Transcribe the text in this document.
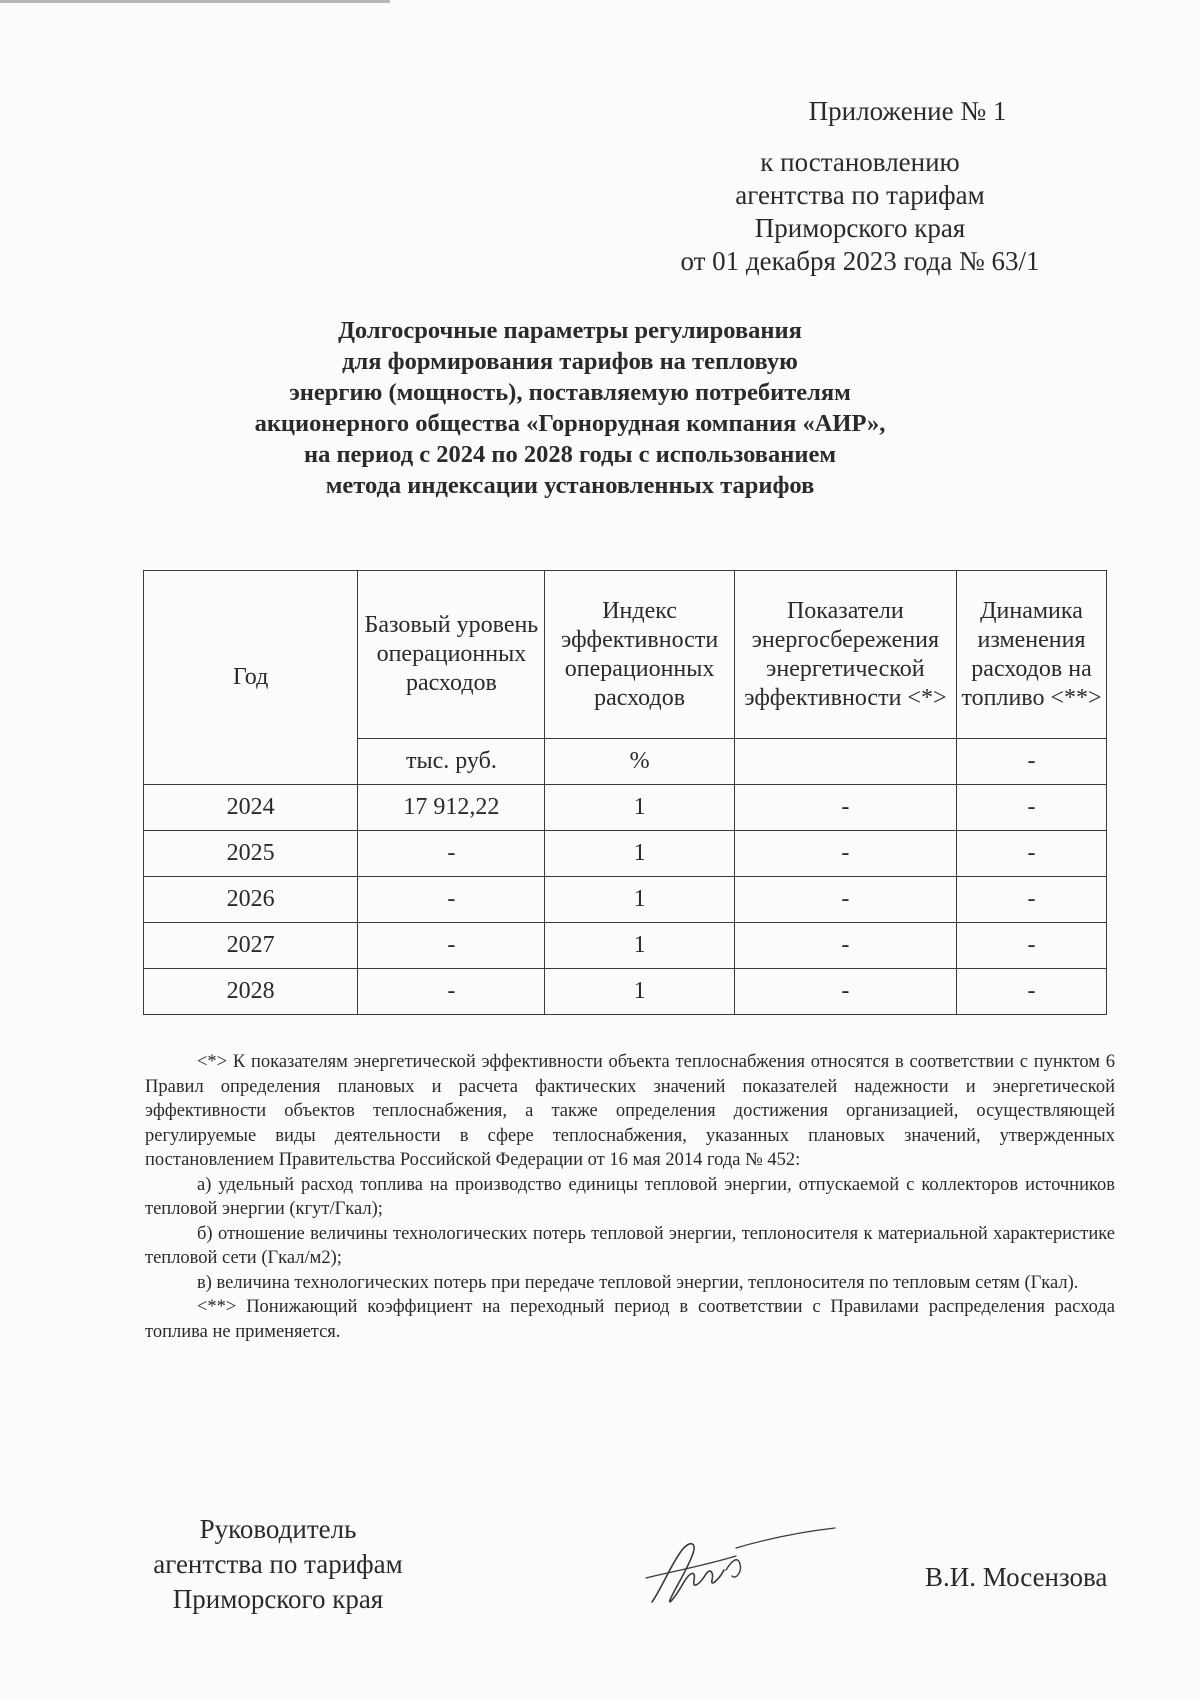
Приложение № 1
к постановлению
агентства по тарифам
Приморского края
от 01 декабря 2023 года № 63/1
Долгосрочные параметры регулирования
для формирования тарифов на тепловую
энергию (мощность), поставляемую потребителям
акционерного общества «Горнорудная компания «АИР»,
на период с 2024 по 2028 годы с использованием
метода индексации установленных тарифов
Год	Базовый уровень операционных расходов	Индекс эффективности операционных расходов	Показатели энергосбережения энергетической эффективности <*>	Динамика изменения расходов на топливо <**>
	тыс. руб.	%		-
2024	17 912,22	1	-	-
2025	-	1	-	-
2026	-	1	-	-
2027	-	1	-	-
2028	-	1	-	-

<*> К показателям энергетической эффективности объекта теплоснабжения относятся в соответствии с пунктом 6 Правил определения плановых и расчета фактических значений показателей надежности и энергетической эффективности объектов теплоснабжения, а также определения достижения организацией, осуществляющей регулируемые виды деятельности в сфере теплоснабжения, указанных плановых значений, утвержденных постановлением Правительства Российской Федерации от 16 мая 2014 года № 452:

а) удельный расход топлива на производство единицы тепловой энергии, отпускаемой с коллекторов источников тепловой энергии (кгут/Гкал);

б) отношение величины технологических потерь тепловой энергии, теплоносителя к материальной характеристике тепловой сети (Гкал/м2);

в) величина технологических потерь при передаче тепловой энергии, теплоносителя по тепловым сетям (Гкал).

<**> Понижающий коэффициент на переходный период в соответствии с Правилами распределения расхода топлива не применяется.

Руководитель
агентства по тарифам
Приморского края
В.И. Мосензова
